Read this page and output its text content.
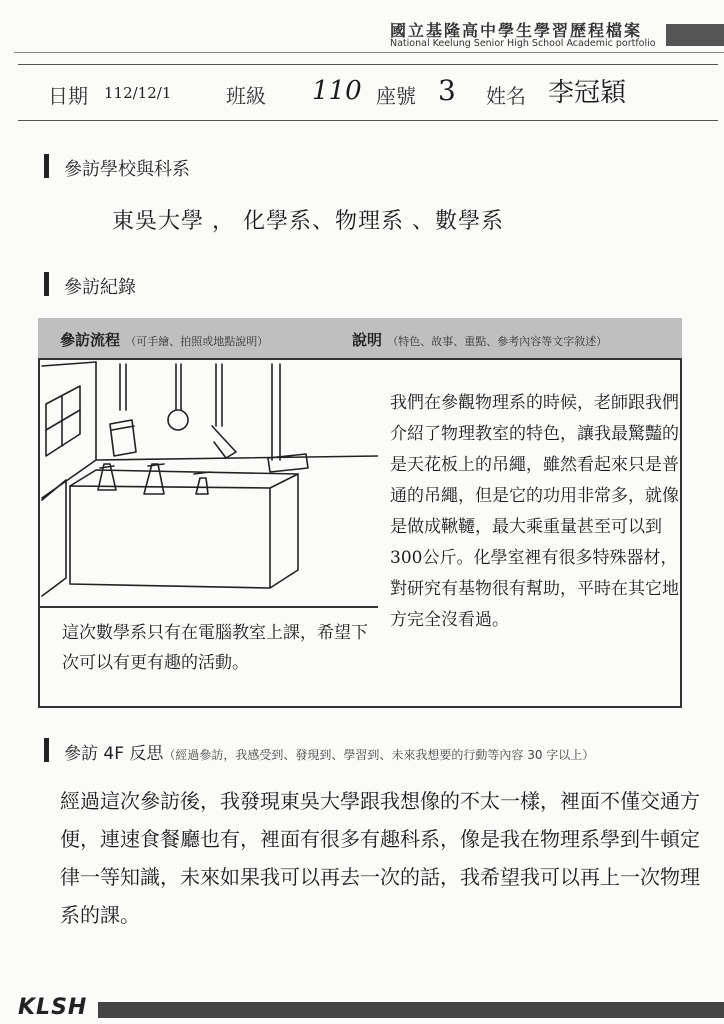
國立基隆高中學生學習歷程檔案
National Keelung Senior High School Academic portfolio
日期 112/12/1	班級 110 座號 3 姓名 李冠穎
參訪學校與科系
東吳大學 ， 化學系、物理系 、數學系
參訪紀錄
參訪流程 （可手繪、拍照或地點說明）	說明 （特色、故事、重點、參考內容等文字敘述）
這次數學系只有在電腦教室上課，希望下次可以有更有趣的活動。
我們在參觀物理系的時候，老師跟我們介紹了物理教室的特色，讓我最驚豔的是天花板上的吊繩，雖然看起來只是普通的吊繩，但是它的功用非常多，就像是做成鞦韆，最大乘重量甚至可以到300公斤。化學室裡有很多特殊器材，對研究有基物很有幫助，平時在其它地方完全沒看過。
參訪 4F 反思（經過參訪，我感受到、發現到、學習到、未來我想要的行動等內容 30 字以上）
經過這次參訪後，我發現東吳大學跟我想像的不太一樣，裡面不僅交通方便，連速食餐廳也有，裡面有很多有趣科系，像是我在物理系學到牛頓定律一等知識，未來如果我可以再去一次的話，我希望我可以再上一次物理系的課。
KLSH
